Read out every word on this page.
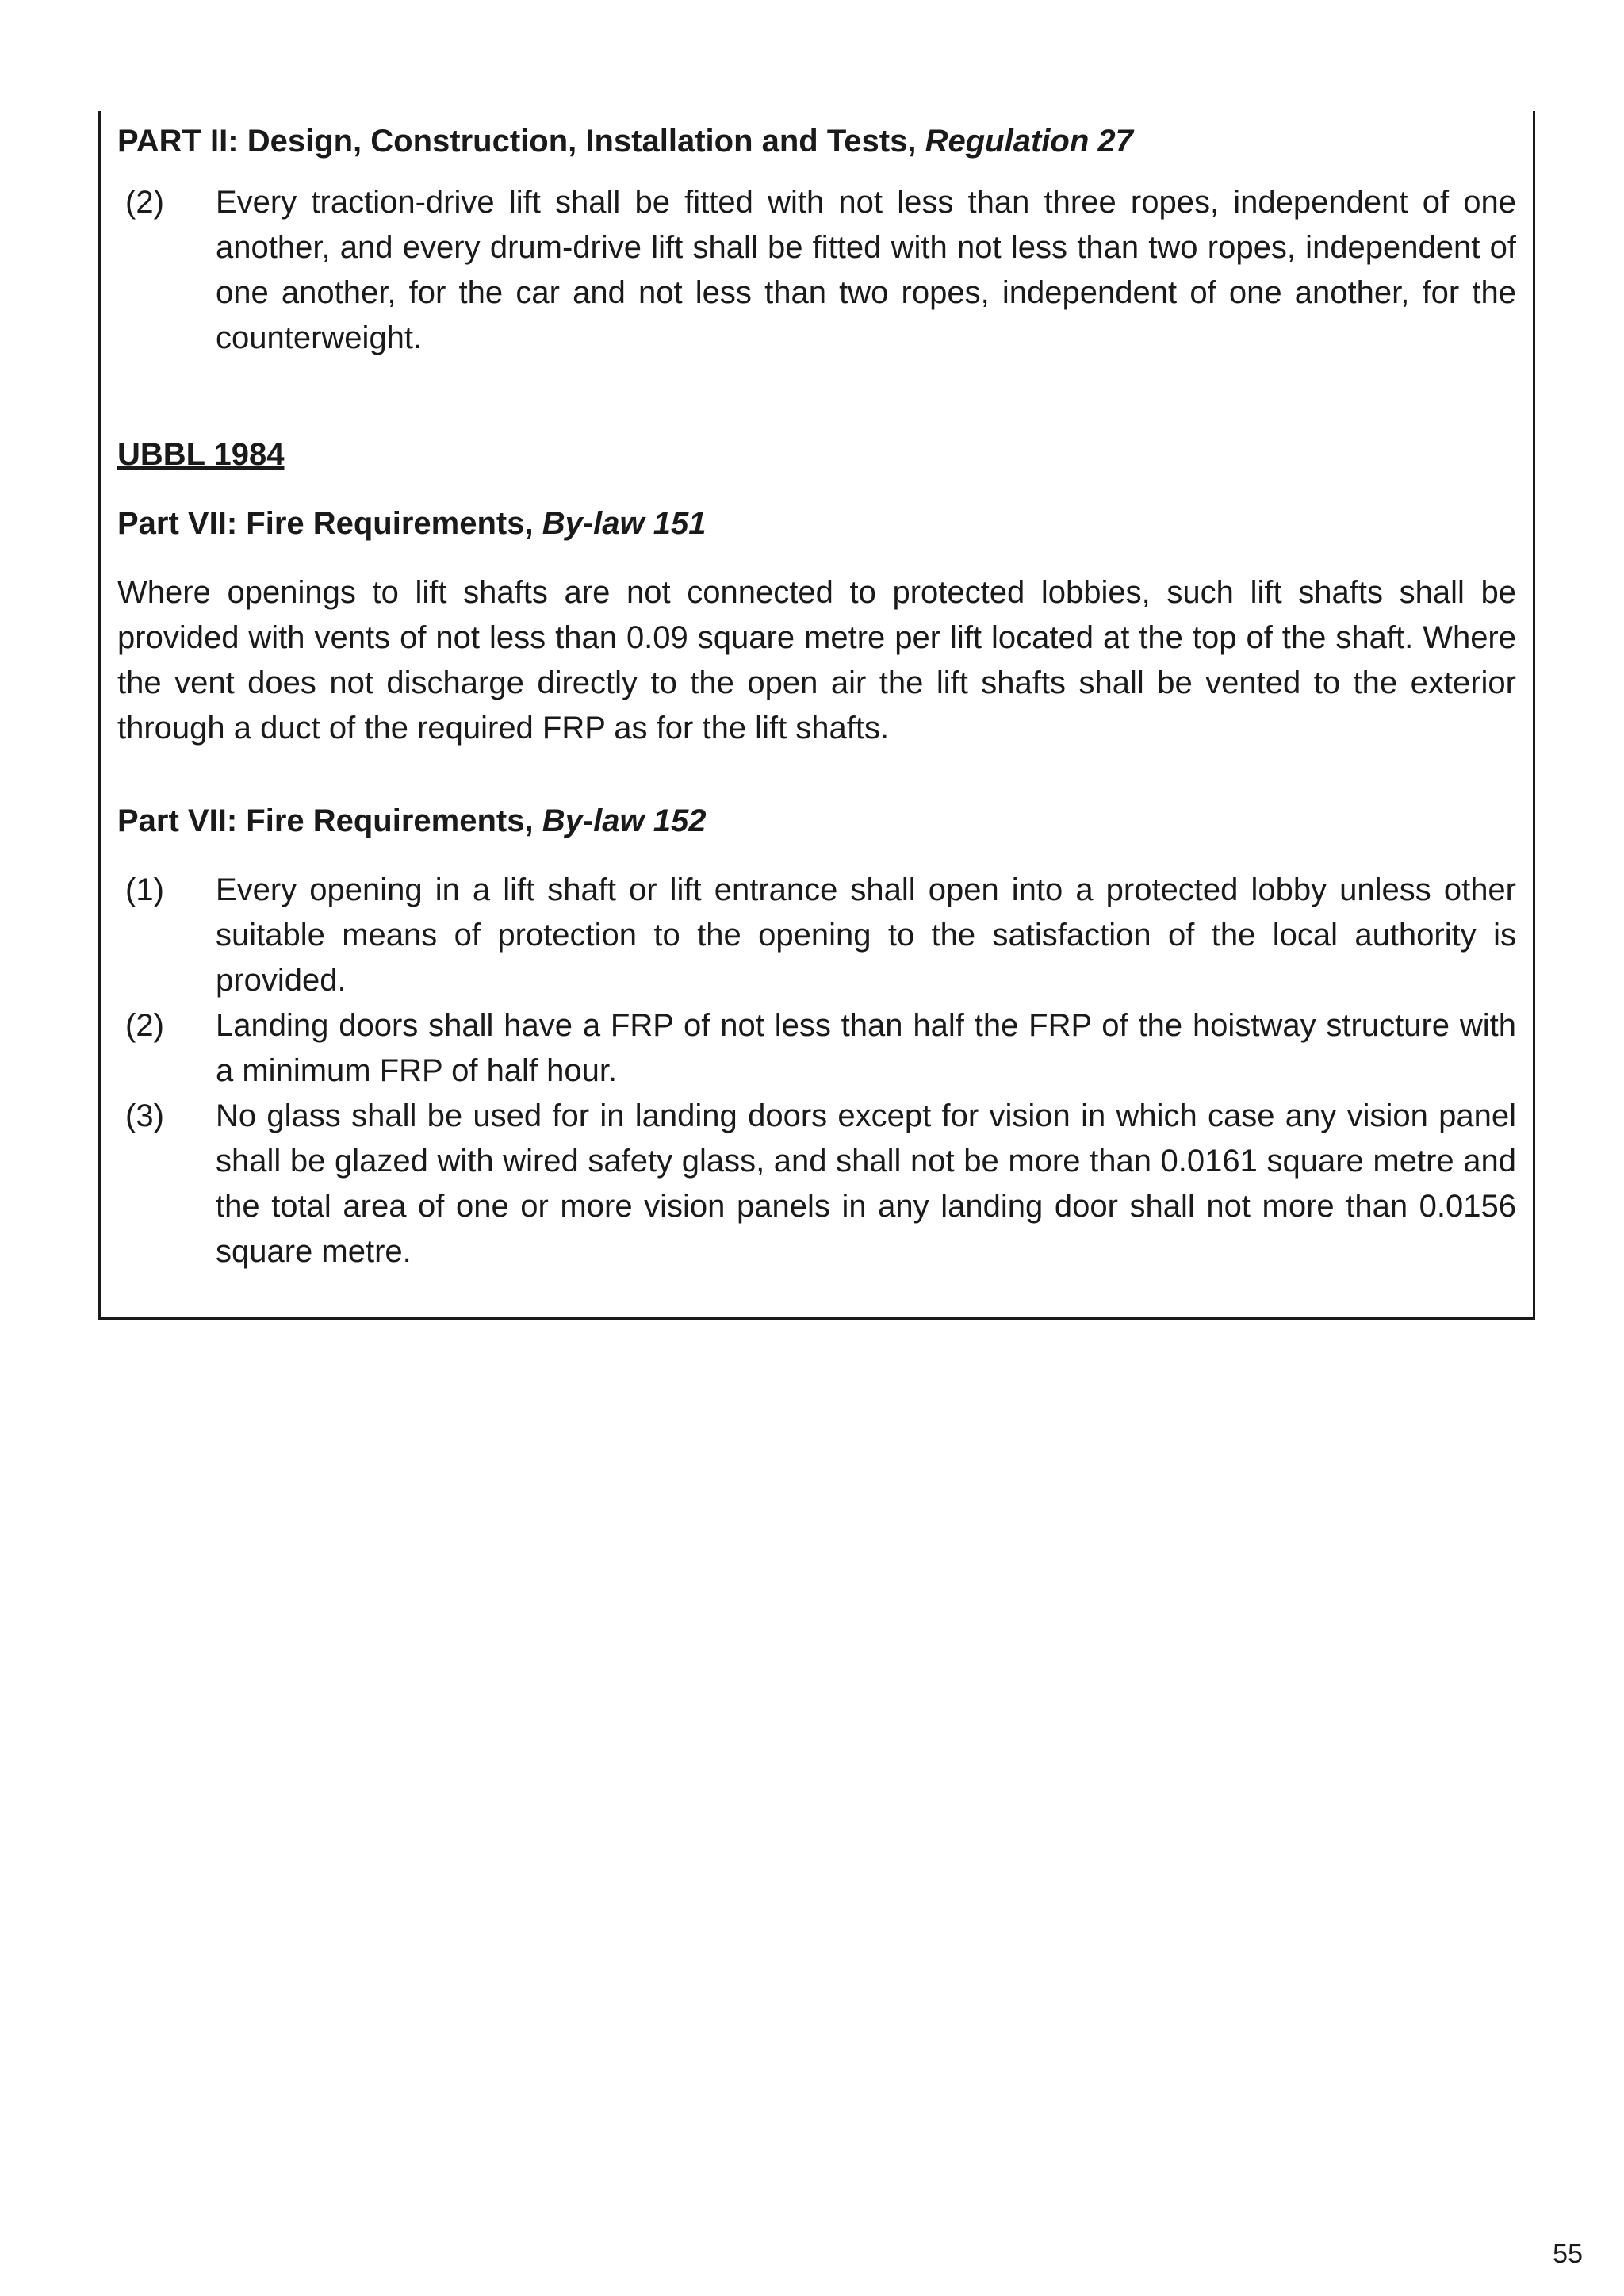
PART II: Design, Construction, Installation and Tests, Regulation 27

(2)	Every traction-drive lift shall be fitted with not less than three ropes, independent of one another, and every drum-drive lift shall be fitted with not less than two ropes, independent of one another, for the car and not less than two ropes, independent of one another, for the counterweight.

UBBL 1984

Part VII: Fire Requirements, By-law 151

Where openings to lift shafts are not connected to protected lobbies, such lift shafts shall be provided with vents of not less than 0.09 square metre per lift located at the top of the shaft. Where the vent does not discharge directly to the open air the lift shafts shall be vented to the exterior through a duct of the required FRP as for the lift shafts.

Part VII: Fire Requirements, By-law 152

(1)	Every opening in a lift shaft or lift entrance shall open into a protected lobby unless other suitable means of protection to the opening to the satisfaction of the local authority is provided.
(2)	Landing doors shall have a FRP of not less than half the FRP of the hoistway structure with a minimum FRP of half hour.
(3)	No glass shall be used for in landing doors except for vision in which case any vision panel shall be glazed with wired safety glass, and shall not be more than 0.0161 square metre and the total area of one or more vision panels in any landing door shall not more than 0.0156 square metre.
55
